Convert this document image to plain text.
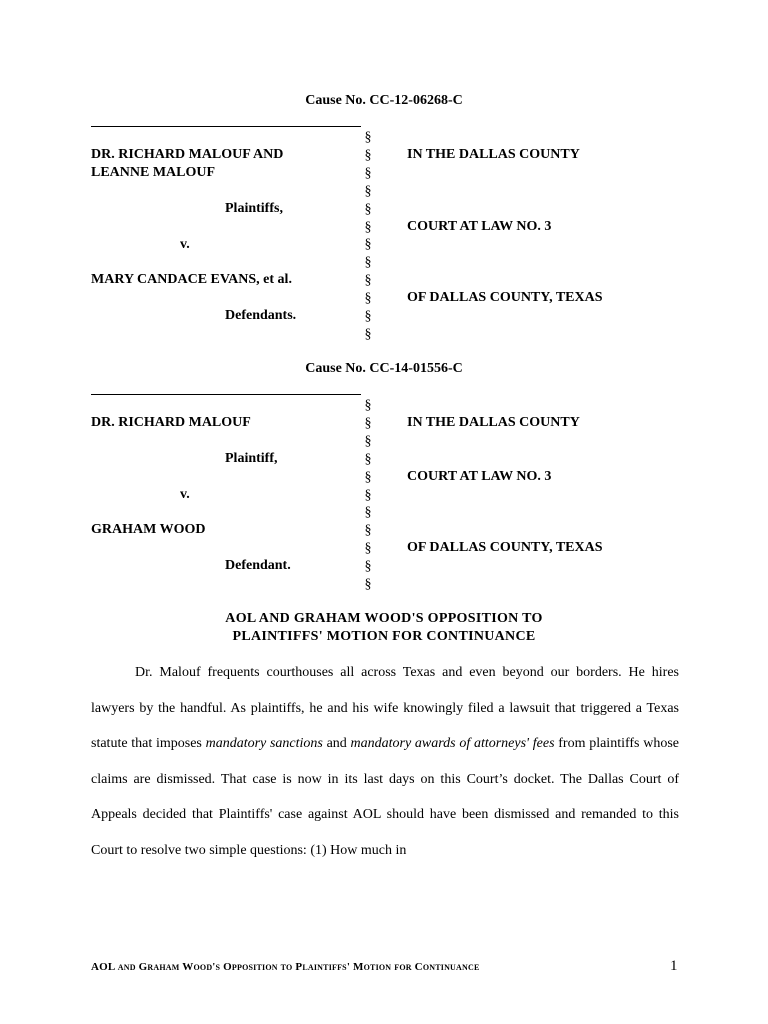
Cause No. CC-12-06268-C
§
§
§
§
§
§
§
§
§
§
§
§
DR. RICHARD MALOUF AND
LEANNE MALOUF
Plaintiffs,
v.
MARY CANDACE EVANS, et al.
Defendants.
IN THE DALLAS COUNTY
COURT AT LAW NO. 3
OF DALLAS COUNTY, TEXAS
Cause No. CC-14-01556-C
§
§
§
§
§
§
§
§
§
§
§
DR. RICHARD MALOUF
Plaintiff,
v.
GRAHAM WOOD
Defendant.
IN THE DALLAS COUNTY
COURT AT LAW NO. 3
OF DALLAS COUNTY, TEXAS
AOL AND GRAHAM WOOD'S OPPOSITION TO
PLAINTIFFS' MOTION FOR CONTINUANCE
Dr. Malouf frequents courthouses all across Texas and even beyond our borders. He hires lawyers by the handful. As plaintiffs, he and his wife knowingly filed a lawsuit that triggered a Texas statute that imposes mandatory sanctions and mandatory awards of attorneys' fees from plaintiffs whose claims are dismissed. That case is now in its last days on this Court’s docket. The Dallas Court of Appeals decided that Plaintiffs' case against AOL should have been dismissed and remanded to this Court to resolve two simple questions: (1) How much in
AOL and Graham Wood's Opposition to Plaintiffs' Motion for Continuance	1
